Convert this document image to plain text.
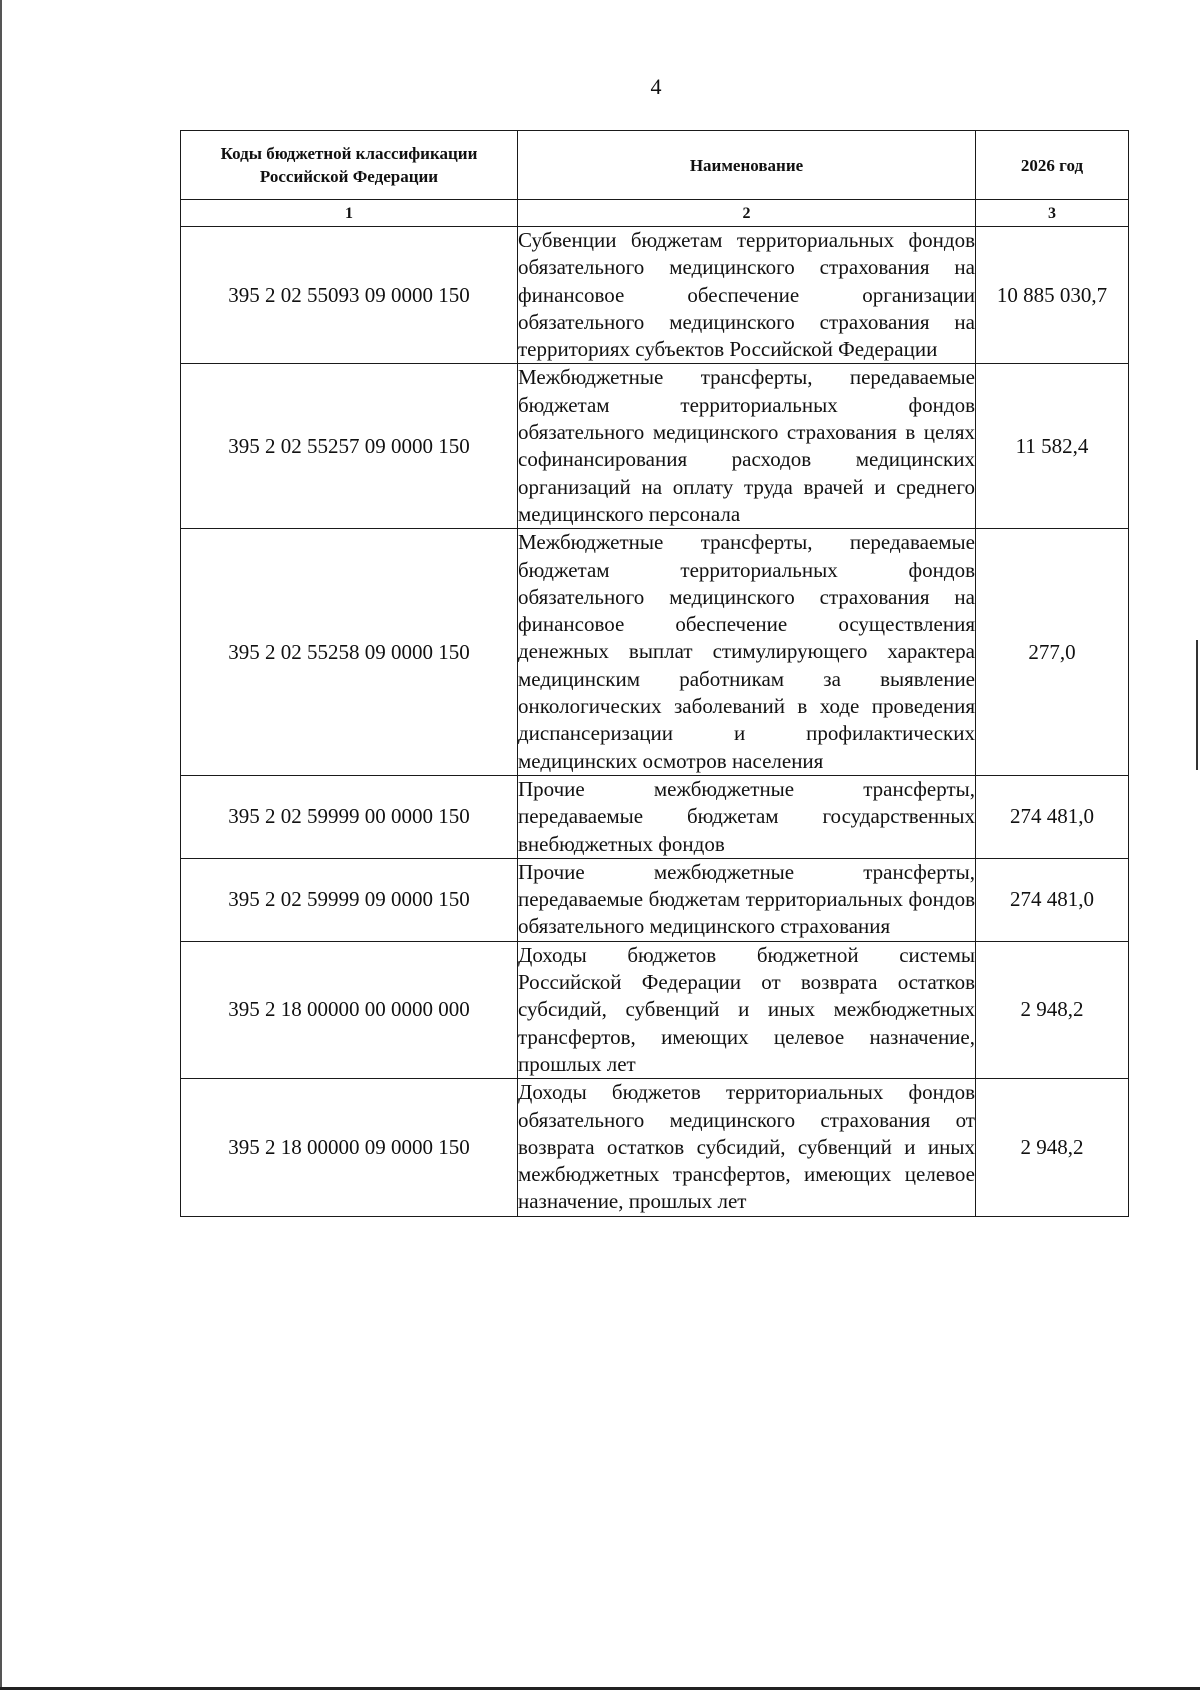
4
Коды бюджетной классификации Российской Федерации	Наименование	2026 год
1	2	3
395 2 02 55093 09 0000 150	Субвенции бюджетам территориальных фондов обязательного медицинского страхования на финансовое обеспечение организации обязательного медицинского страхования на территориях субъектов Российской Федерации	10 885 030,7
395 2 02 55257 09 0000 150	Межбюджетные трансферты, передаваемые бюджетам территориальных фондов обязательного медицинского страхования в целях софинансирования расходов медицинских организаций на оплату труда врачей и среднего медицинского персонала	11 582,4
395 2 02 55258 09 0000 150	Межбюджетные трансферты, передаваемые бюджетам территориальных фондов обязательного медицинского страхования на финансовое обеспечение осуществления денежных выплат стимулирующего характера медицинским работникам за выявление онкологических заболеваний в ходе проведения диспансеризации и профилактических медицинских осмотров населения	277,0
395 2 02 59999 00 0000 150	Прочие межбюджетные трансферты, передаваемые бюджетам государственных внебюджетных фондов	274 481,0
395 2 02 59999 09 0000 150	Прочие межбюджетные трансферты, передаваемые бюджетам территориальных фондов обязательного медицинского страхования	274 481,0
395 2 18 00000 00 0000 000	Доходы бюджетов бюджетной системы Российской Федерации от возврата остатков субсидий, субвенций и иных межбюджетных трансфертов, имеющих целевое назначение, прошлых лет	2 948,2
395 2 18 00000 09 0000 150	Доходы бюджетов территориальных фондов обязательного медицинского страхования от возврата остатков субсидий, субвенций и иных межбюджетных трансфертов, имеющих целевое назначение, прошлых лет	2 948,2
